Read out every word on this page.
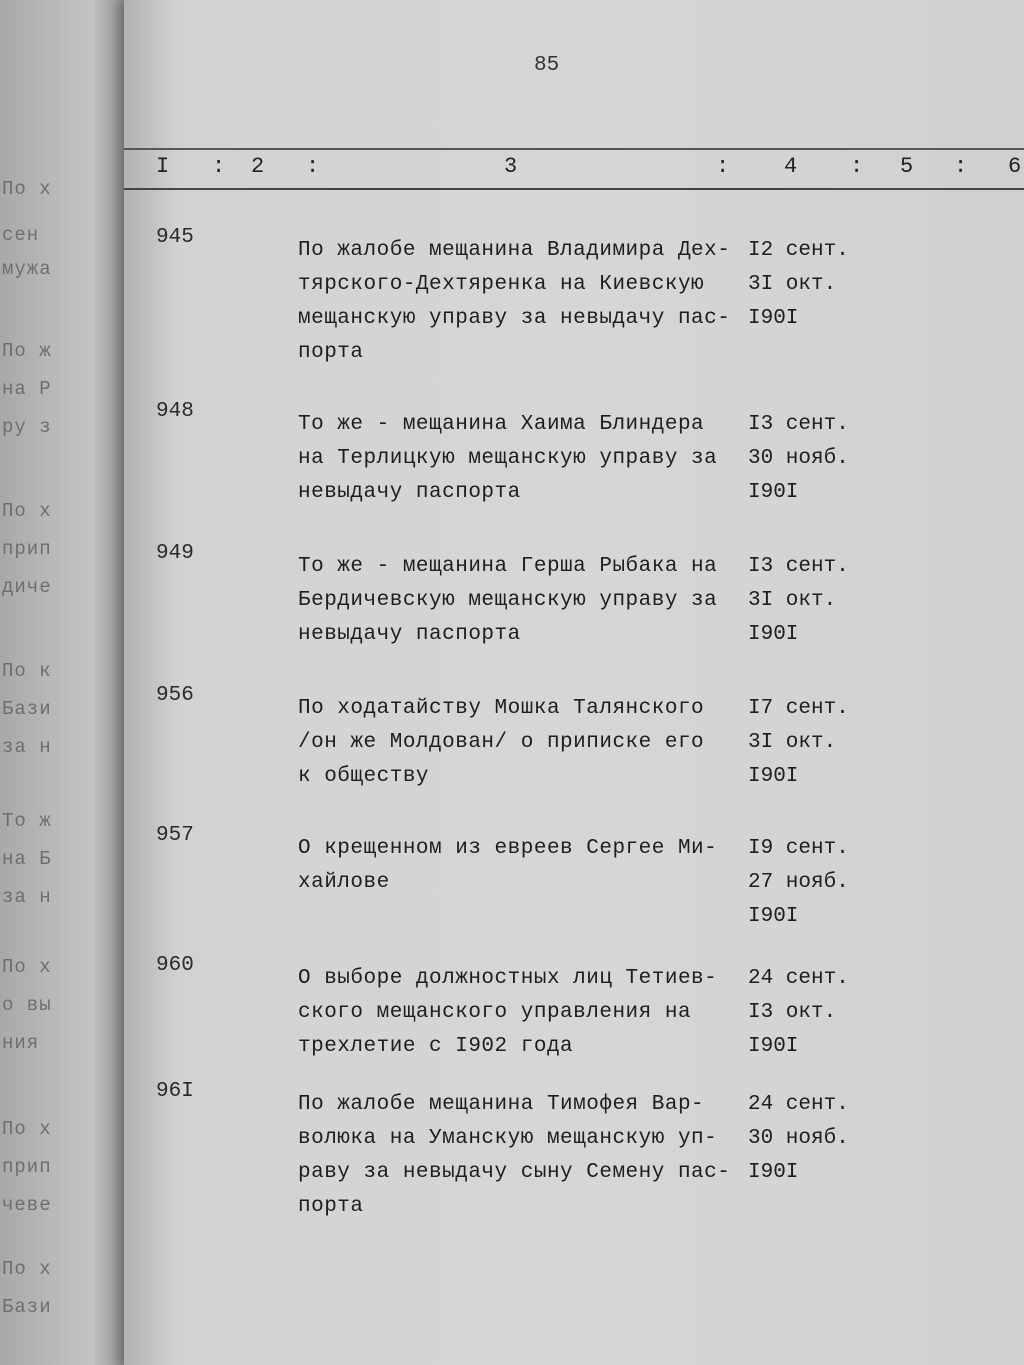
По х
сен
мужа
По ж
на Р
ру з
По х
прип
диче
По к
Бази
за н
То ж
на Б
за н
По х
о вы
ния
По х
прип
чеве
По х
Бази
85
I : 2 :	3	: 4 : 5 : 6
945
По жалобе мещанина Владимира Дех-
тярского-Дехтяренка на Киевскую
мещанскую управу за невыдачу пас-
порта
I2 сент.
3I окт.
I90I
948
То же - мещанина Хаима Блиндера
на Терлицкую мещанскую управу за
невыдачу паспорта
I3 сент.
30 нояб.
I90I
949
То же - мещанина Герша Рыбака на
Бердичевскую мещанскую управу за
невыдачу паспорта
I3 сент.
3I окт.
I90I
956
По ходатайству Мошка Талянского
/он же Молдован/ о приписке его
к обществу
I7 сент.
3I окт.
I90I
957
О крещенном из евреев Сергее Ми-
хайлове
I9 сент.
27 нояб.
I90I
960
О выборе должностных лиц Тетиев-
ского мещанского управления на
трехлетие с I902 года
24 сент.
I3 окт.
I90I
96I
По жалобе мещанина Тимофея Вар-
волюка на Уманскую мещанскую уп-
раву за невыдачу сыну Семену пас-
порта
24 сент.
30 нояб.
I90I
